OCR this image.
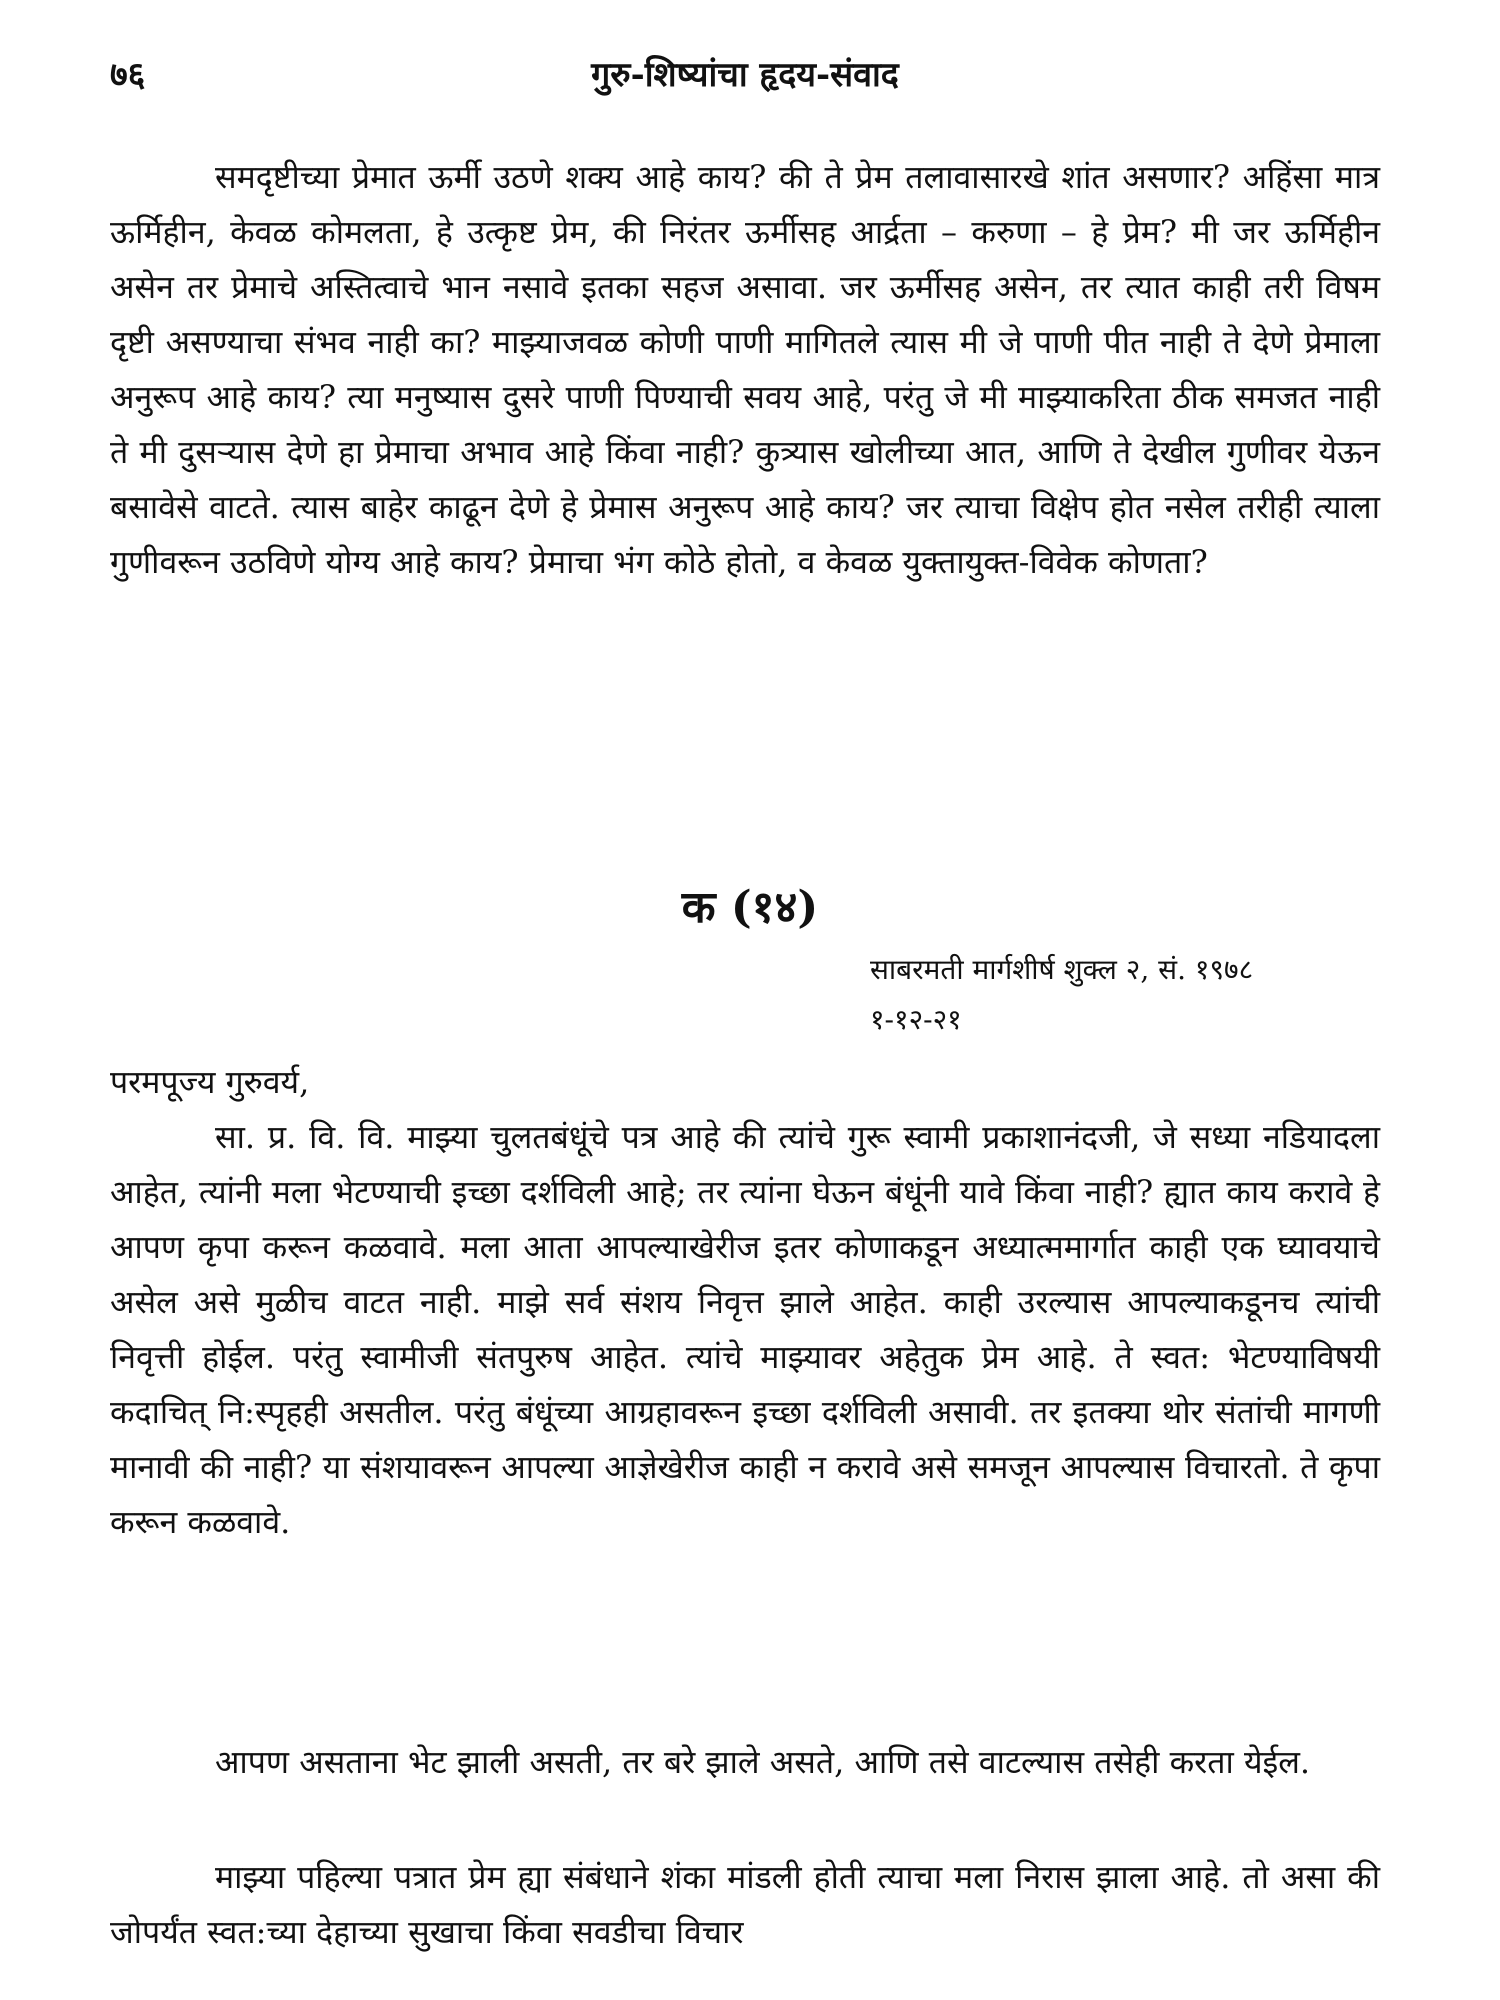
७६	गुरु-शिष्यांचा हृदय-संवाद

समदृष्टीच्या प्रेमात ऊर्मी उठणे शक्य आहे काय? की ते प्रेम तलावासारखे शांत असणार? अहिंसा मात्र ऊर्मिहीन, केवळ कोमलता, हे उत्कृष्ट प्रेम, की निरंतर ऊर्मीसह आर्द्रता – करुणा – हे प्रेम? मी जर ऊर्मिहीन असेन तर प्रेमाचे अस्तित्वाचे भान नसावे इतका सहज असावा. जर ऊर्मीसह असेन, तर त्यात काही तरी विषम दृष्टी असण्याचा संभव नाही का? माझ्याजवळ कोणी पाणी मागितले त्यास मी जे पाणी पीत नाही ते देणे प्रेमाला अनुरूप आहे काय? त्या मनुष्यास दुसरे पाणी पिण्याची सवय आहे, परंतु जे मी माझ्याकरिता ठीक समजत नाही ते मी दुसऱ्यास देणे हा प्रेमाचा अभाव आहे किंवा नाही? कुत्र्यास खोलीच्या आत, आणि ते देखील गुणीवर येऊन बसावेसे वाटते. त्यास बाहेर काढून देणे हे प्रेमास अनुरूप आहे काय? जर त्याचा विक्षेप होत नसेल तरीही त्याला गुणीवरून उठविणे योग्य आहे काय? प्रेमाचा भंग कोठे होतो, व केवळ युक्तायुक्त-विवेक कोणता?

क (१४)
साबरमती मार्गशीर्ष शुक्ल २, सं. १९७८
१-१२-२१
परमपूज्य गुरुवर्य,

सा. प्र. वि. वि. माझ्या चुलतबंधूंचे पत्र आहे की त्यांचे गुरू स्वामी प्रकाशानंदजी, जे सध्या नडियादला आहेत, त्यांनी मला भेटण्याची इच्छा दर्शविली आहे; तर त्यांना घेऊन बंधूंनी यावे किंवा नाही? ह्यात काय करावे हे आपण कृपा करून कळवावे. मला आता आपल्याखेरीज इतर कोणाकडून अध्यात्ममार्गात काही एक घ्यावयाचे असेल असे मुळीच वाटत नाही. माझे सर्व संशय निवृत्त झाले आहेत. काही उरल्यास आपल्याकडूनच त्यांची निवृत्ती होईल. परंतु स्वामीजी संतपुरुष आहेत. त्यांचे माझ्यावर अहेतुक प्रेम आहे. ते स्वत: भेटण्याविषयी कदाचित् नि:स्पृहही असतील. परंतु बंधूंच्या आग्रहावरून इच्छा दर्शविली असावी. तर इतक्या थोर संतांची मागणी मानावी की नाही? या संशयावरून आपल्या आज्ञेखेरीज काही न करावे असे समजून आपल्यास विचारतो. ते कृपा करून कळवावे.

आपण असताना भेट झाली असती, तर बरे झाले असते, आणि तसे वाटल्यास तसेही करता येईल.

माझ्या पहिल्या पत्रात प्रेम ह्या संबंधाने शंका मांडली होती त्याचा मला निरास झाला आहे. तो असा की जोपर्यंत स्वत:च्या देहाच्या सुखाचा किंवा सवडीचा विचार
